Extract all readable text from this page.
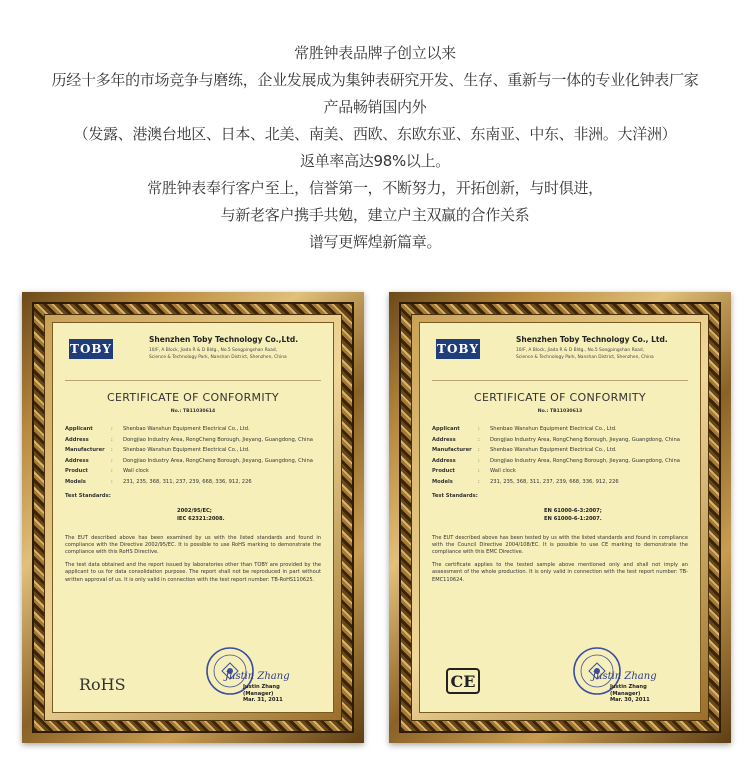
常胜钟表品牌子创立以来
历经十多年的市场竞争与磨练，企业发展成为集钟表研究开发、生存、重新与一体的专业化钟表厂家
产品畅销国内外
（发露、港澳台地区、日本、北美、南美、西欧、东欧东亚、东南亚、中东、非洲。大洋洲）
返单率高达98%以上。
常胜钟表奉行客户至上，信誉第一，不断努力，开拓创新，与时俱进，
与新老客户携手共勉，建立户主双赢的合作关系
谱写更辉煌新篇章。
TOBY
Shenzhen Toby Technology Co.,Ltd.
10/F, A Block, Jiada R & D Bldg., No.5 Songpingshan Road,
Science & Technology Park, Nanshan District, Shenzhen, China
CERTIFICATE OF CONFORMITY
No.: TB11030614
Applicant	:	Shenbao Wanshun Equipment Electrical Co., Ltd.
Address	:	Dongjiao Industry Area, RongCheng Borough, Jieyang, Guangdong, China
Manufacturer	:	Shenbao Wanshun Equipment Electrical Co., Ltd.
Address	:	Dongjiao Industry Area, RongCheng Borough, Jieyang, Guangdong, China
Product	:	Wall clock
Models	:	231, 235, 368, 311, 237, 239, 668, 336, 912, 226
Test Standards:
2002/95/EC;
IEC 62321:2008.
The EUT described above has been examined by us with the listed standards and found in compliance with the Directive 2002/95/EC. It is possible to use RoHS marking to demonstrate the compliance with this RoHS Directive.
The test data obtained and the report issued by laboratories other than TOBY are provided by the applicant to us for data consolidation purpose. The report shall not be reproduced in part without written approval of us. It is only valid in connection with the test report number: TB-RoHS110625.
RoHS	Justin Zhang
Justin Zhang
(Manager)
Mar. 31, 2011
TOBY
Shenzhen Toby Technology Co., Ltd.
10/F, A Block, Jiada R & D Bldg., No.5 Songpingshan Road,
Science & Technology Park, Nanshan District, Shenzhen, China
CERTIFICATE OF CONFORMITY
No.: TB11030613
Applicant	:	Shenbao Wanshun Equipment Electrical Co., Ltd.
Address	:	Dongjiao Industry Area, RongCheng Borough, Jieyang, Guangdong, China
Manufacturer	:	Shenbao Wanshun Equipment Electrical Co., Ltd.
Address	:	Dongjiao Industry Area, RongCheng Borough, Jieyang, Guangdong, China
Product	:	Wall clock
Models	:	231, 235, 368, 311, 237, 239, 668, 336, 912, 226
Test Standards:
EN 61000-6-3:2007;
EN 61000-6-1:2007.
The EUT described above has been tested by us with the listed standards and found in compliance with the Council Directive 2004/108/EC. It is possible to use CE marking to demonstrate the compliance with this EMC Directive.
The certificate applies to the tested sample above mentioned only and shall not imply an assessment of the whole production. It is only valid in connection with the test report number: TB-EMC110624.
CE	Justin Zhang
Justin Zhang
(Manager)
Mar. 30, 2011
